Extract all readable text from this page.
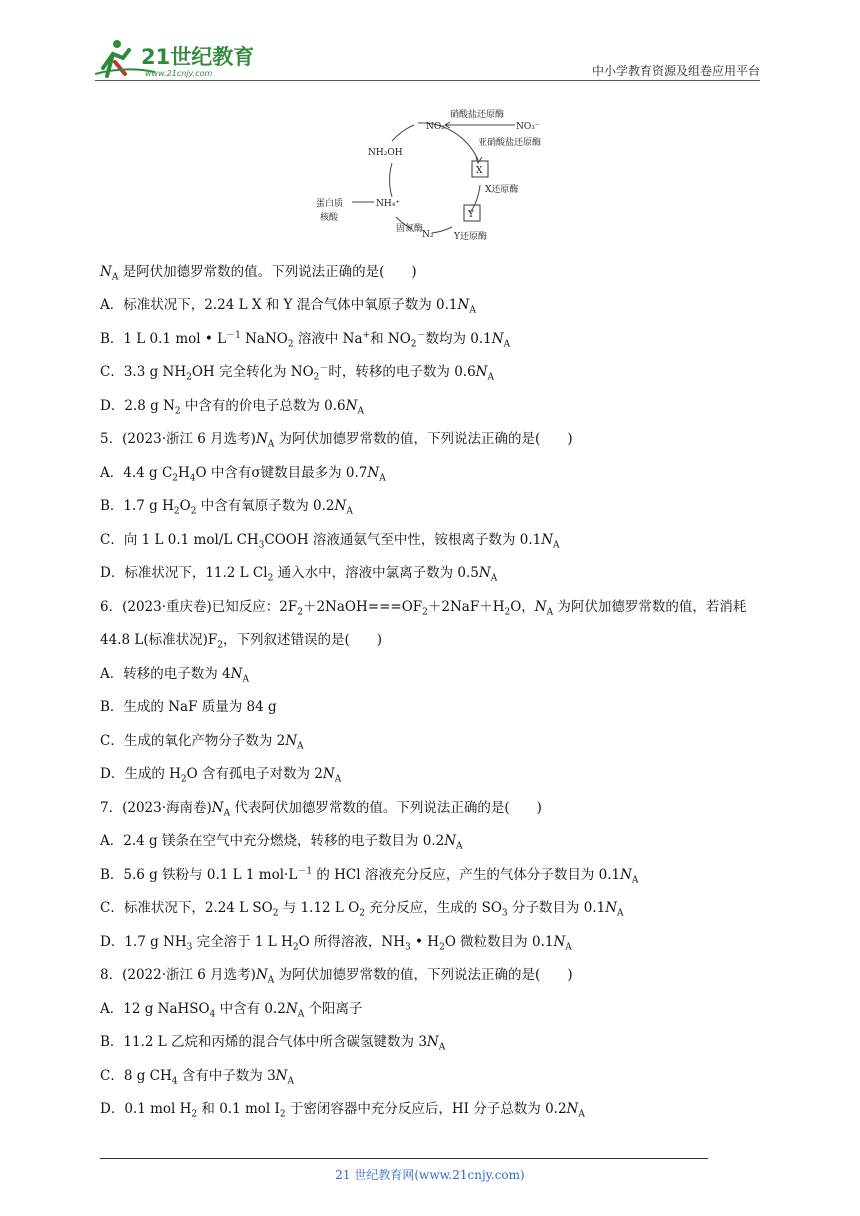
21世纪教育
www.21cnjy.com	中小学教育资源及组卷应用平台
硝酸盐还原酶
NO₂⁻	NO₃⁻
亚硝酸盐还原酶
NH₂OH
X
X还原酶
Y
蛋白质
核酸
NH₄⁺
N₂
固氮酶
Y还原酶
$N_A$ 是阿伏加德罗常数的值。下列说法正确的是(　　)
A．标准状况下，2.24 L X 和 Y 混合气体中氧原子数为 $0.1N_A$
B．1 L 0.1 mol • $L^{-1}$ NaNO$_2$ 溶液中 Na+和 $NO_2^-$数均为 $0.1N_A$
C．3.3 g $NH_2OH$ 完全转化为 $NO_2^-$时，转移的电子数为 $0.6N_A$
D．2.8 g $N_2$ 中含有的价电子总数为 $0.6N_A$
5．(2023·浙江 6 月选考)$N_A$ 为阿伏加德罗常数的值，下列说法正确的是(　　)
A．4.4 g $C_2H_4O$ 中含有σ键数目最多为 $0.7N_A$
B．1.7 g $H_2O_2$ 中含有氧原子数为 $0.2N_A$
C．向 1 L 0.1 mol/L $CH_3COOH$ 溶液通氨气至中性，铵根离子数为 $0.1N_A$
D．标准状况下，11.2 L $Cl_2$ 通入水中，溶液中氯离子数为 $0.5N_A$
6．(2023·重庆卷)已知反应：$2F_2+2NaOH===OF_2+2NaF+H_2O$，$N_A$ 为阿伏加德罗常数的值，若消耗
44.8 L(标准状况)$F_2$，下列叙述错误的是(　　)
A．转移的电子数为 $4N_A$
B．生成的 NaF 质量为 84 g
C．生成的氧化产物分子数为 $2N_A$
D．生成的 $H_2O$ 含有孤电子对数为 $2N_A$
7．(2023·海南卷)$N_A$ 代表阿伏加德罗常数的值。下列说法正确的是(　　)
A．2.4 g 镁条在空气中充分燃烧，转移的电子数目为 $0.2N_A$
B．5.6 g 铁粉与 0.1 L 1 $mol\cdot L^{-1}$ 的 HCl 溶液充分反应，产生的气体分子数目为 $0.1N_A$
C．标准状况下，2.24 L $SO_2$ 与 1.12 L $O_2$ 充分反应，生成的 $SO_3$ 分子数目为 $0.1N_A$
D．1.7 g $NH_3$ 完全溶于 1 L $H_2O$ 所得溶液，$NH_3$ • $H_2O$ 微粒数目为 $0.1N_A$
8．(2022·浙江 6 月选考)$N_A$ 为阿伏加德罗常数的值，下列说法正确的是(　　)
A．12 g NaHSO$_4$ 中含有 $0.2N_A$ 个阳离子
B．11.2 L 乙烷和丙烯的混合气体中所含碳氢键数为 $3N_A$
C．8 g $CH_4$ 含有中子数为 $3N_A$
D．0.1 mol $H_2$ 和 0.1 mol $I_2$ 于密闭容器中充分反应后，HI 分子总数为 $0.2N_A$
21 世纪教育网(www.21cnjy.com)
